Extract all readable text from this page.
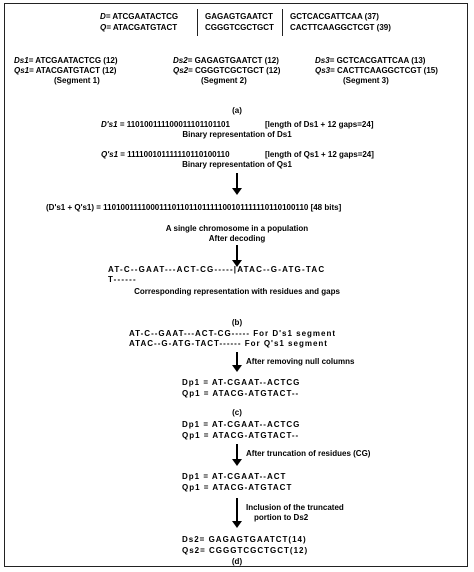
D= ATCGAATACTCG
Q= ATACGATGTACT
GAGAGTGAATCT
CGGGTCGCTGCT
GCTCACGATTCAA (37)
CACTTCAAGGCTCGT (39)
Ds1= ATCGAATACTCG (12)
Qs1= ATACGATGTACT (12)
(Segment 1)
Ds2= GAGAGTGAATCT (12)
Qs2= CGGGTCGCTGCT (12)
(Segment 2)
Ds3= GCTCACGATTCAA (13)
Qs3= CACTTCAAGGCTCGT (15)
(Segment 3)
(a)
D's1 = 110100111100011101101101	[length of Ds1 + 12 gaps=24]
Binary representation of Ds1
Q's1 = 111100101111110110100110	[length of Qs1 + 12 gaps=24]
Binary representation of Qs1
(D's1 + Q's1) = 110100111100011101101101111100101111110110100110 [48 bits]
A single chromosome in a population
After decoding
AT-C--GAAT---ACT-CG-----|ATAC--G-ATG-TAC
T------
Corresponding representation with residues and gaps
(b)
AT-C--GAAT---ACT-CG----- For D's1 segment
ATAC--G-ATG-TACT------ For Q's1 segment
After removing null columns
Dp1 = AT-CGAAT--ACTCG
Qp1 = ATACG-ATGTACT--
(c)
Dp1 = AT-CGAAT--ACTCG
Qp1 = ATACG-ATGTACT--
After truncation of residues (CG)
Dp1 = AT-CGAAT--ACT
Qp1 = ATACG-ATGTACT
Inclusion of the truncated
portion to Ds2
Ds2= GAGAGTGAATCT(14)
Qs2= CGGGTCGCTGCT(12)
(d)
